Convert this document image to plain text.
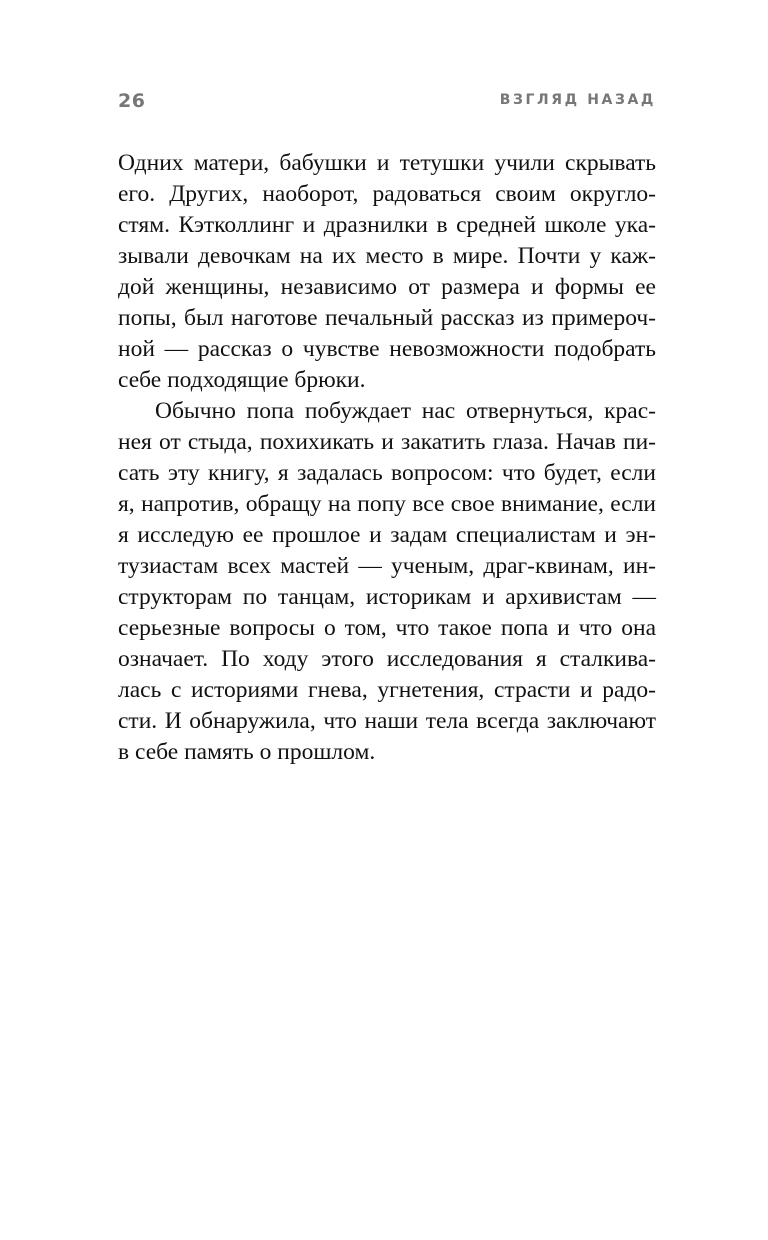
26	ВЗГЛЯД НАЗАД
Одних матери, бабушки и тетушки учили скрывать
его. Других, наоборот, радоваться своим округло-
стям. Кэтколлинг и дразнилки в средней школе ука-
зывали девочкам на их место в мире. Почти у каж-
дой женщины, независимо от размера и формы ее
попы, был наготове печальный рассказ из примероч-
ной — рассказ о чувстве невозможности подобрать
себе подходящие брюки.
Обычно попа побуждает нас отвернуться, крас-
нея от стыда, похихикать и закатить глаза. Начав пи-
сать эту книгу, я задалась вопросом: что будет, если
я, напротив, обращу на попу все свое внимание, если
я исследую ее прошлое и задам специалистам и эн-
тузиастам всех мастей — ученым, драг-квинам, ин-
структорам по танцам, историкам и архивистам —
серьезные вопросы о том, что такое попа и что она
означает. По ходу этого исследования я сталкива-
лась с историями гнева, угнетения, страсти и радо-
сти. И обнаружила, что наши тела всегда заключают
в себе память о прошлом.
